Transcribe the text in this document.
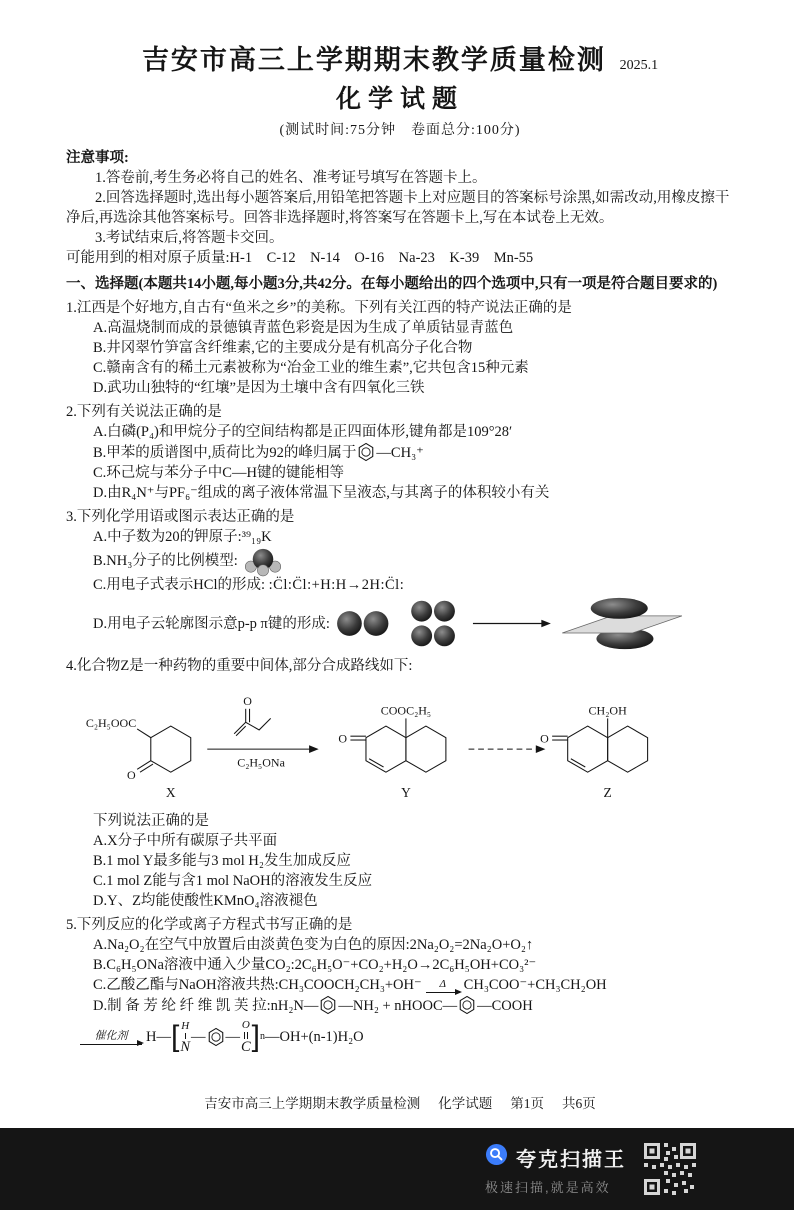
吉安市高三上学期期末教学质量检测 2025.1
化学试题
(测试时间:75分钟　卷面总分:100分)
注意事项:

1.答卷前,考生务必将自己的姓名、准考证号填写在答题卡上。

2.回答选择题时,选出每小题答案后,用铅笔把答题卡上对应题目的答案标号涂黑,如需改动,用橡皮擦干净后,再选涂其他答案标号。回答非选择题时,将答案写在答题卡上,写在本试卷上无效。

3.考试结束后,将答题卡交回。

可能用到的相对原子质量:H-1　C-12　N-14　O-16　Na-23　K-39　Mn-55

一、选择题(本题共14小题,每小题3分,共42分。在每小题给出的四个选项中,只有一项是符合题目要求的)

1.江西是个好地方,自古有“鱼米之乡”的美称。下列有关江西的特产说法正确的是

A.高温烧制而成的景德镇青蓝色彩瓷是因为生成了单质钴显青蓝色

B.井冈翠竹笋富含纤维素,它的主要成分是有机高分子化合物

C.赣南含有的稀土元素被称为“冶金工业的维生素”,它共包含15种元素

D.武功山独特的“红壤”是因为土壤中含有四氧化三铁

2.下列有关说法正确的是

A.白磷(P₄)和甲烷分子的空间结构都是正四面体形,键角都是109°28′

B.甲苯的质谱图中,质荷比为92的峰归属于 —CH₃⁺

C.环己烷与苯分子中C—H键的键能相等

D.由R₄N⁺与PF₆⁻组成的离子液体常温下呈液态,与其离子的体积较小有关

3.下列化学用语或图示表达正确的是

A.中子数为20的钾原子:³⁹₁₉K

B.NH₃分子的比例模型:

C.用电子式表示HCl的形成: :C̈l:C̈l:+H:H→2H:C̈l:

D.用电子云轮廓图示意p-p π键的形成:

4.化合物Z是一种药物的重要中间体,部分合成路线如下:

C₂H₅OOC
O
X
O
C₂H₅ONa
COOC₂H₅
O
Y
CH₂OH
O
Z

下列说法正确的是

A.X分子中所有碳原子共平面

B.1 mol Y最多能与3 mol H₂发生加成反应

C.1 mol Z能与含1 mol NaOH的溶液发生反应

D.Y、Z均能使酸性KMnO₄溶液褪色

5.下列反应的化学或离子方程式书写正确的是

A.Na₂O₂在空气中放置后由淡黄色变为白色的原因:2Na₂O₂=2Na₂O+O₂↑

B.C₆H₅ONa溶液中通入少量CO₂:2C₆H₅O⁻+CO₂+H₂O→2C₆H₅OH+CO₃²⁻

C.乙酸乙酯与NaOH溶液共热:CH₃COOCH₂CH₃+OH⁻ Δ CH₃COO⁻+CH₃CH₂OH

D.制 备 芳 纶 纤 维 凯 芙 拉:nH₂N— —NH₂ + nHOOC— —COOH

催化剂 H— [ H
N
— —
O
C ] n —OH+(n-1)H₂O
吉安市高三上学期期末教学质量检测 化学试题 第1页 共6页
夸克扫描王
极速扫描,就是高效
